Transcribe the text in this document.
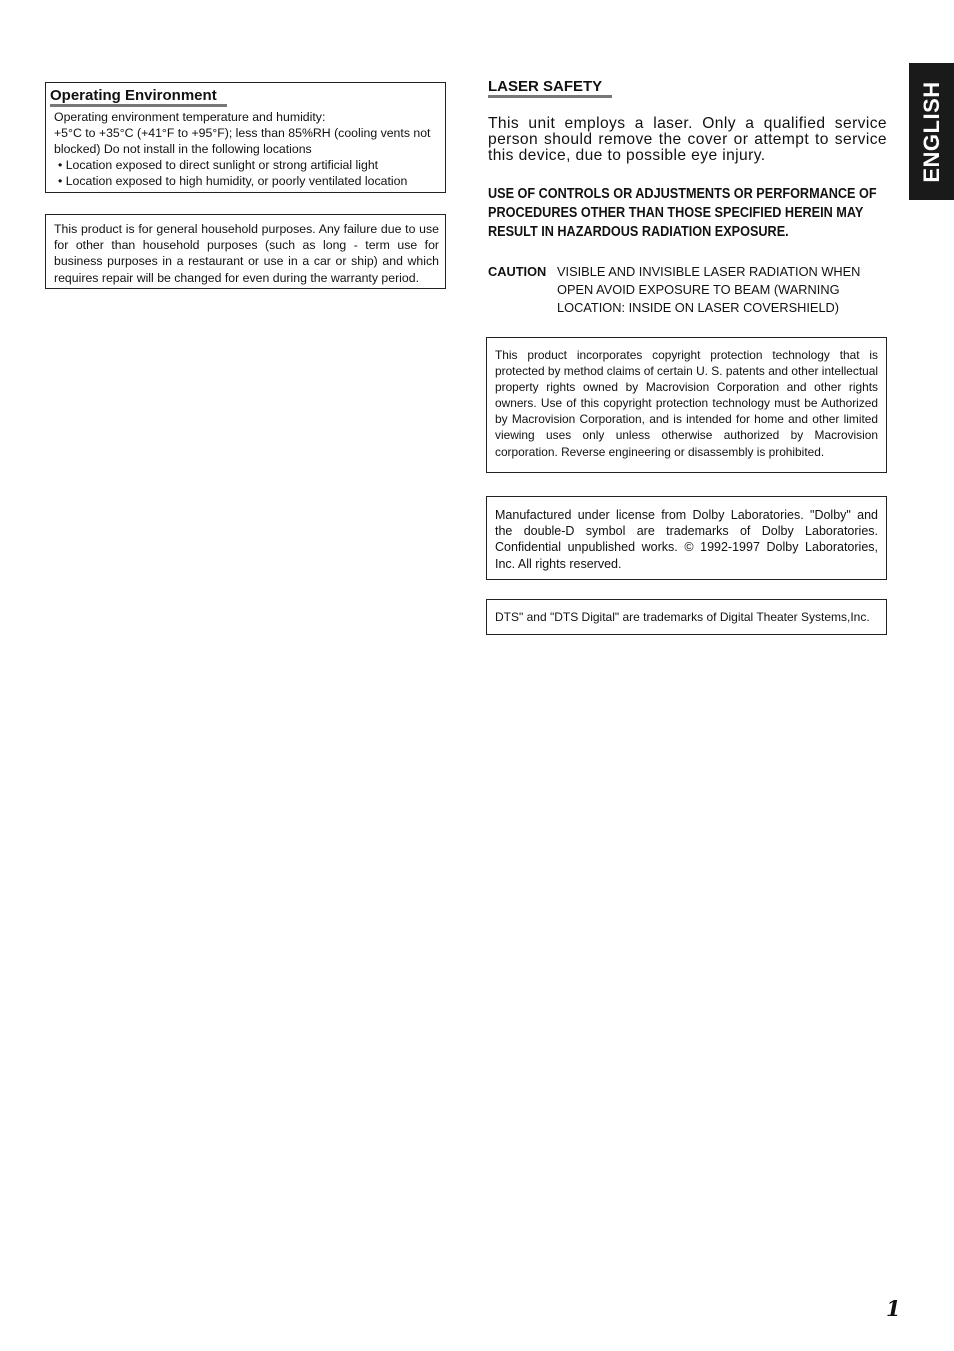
Operating Environment

Operating environment temperature and humidity:

+5°C to +35°C (+41°F to +95°F); less than 85%RH (cooling vents not blocked) Do not install in the following locations

• Location exposed to direct sunlight or strong artificial light

• Location exposed to high humidity, or poorly ventilated location

This product is for general household purposes. Any failure due to use for other than household purposes (such as long - term use for business purposes in a restaurant or use in a car or ship) and which requires repair will be changed for even during the warranty period.
LASER SAFETY

This unit employs a laser. Only a qualified service person should remove the cover or attempt to service this device, due to possible eye injury.

USE OF CONTROLS OR ADJUSTMENTS OR PERFORMANCE OF PROCEDURES OTHER THAN THOSE SPECIFIED HEREIN MAY RESULT IN HAZARDOUS RADIATION EXPOSURE.

CAUTION VISIBLE AND INVISIBLE LASER RADIATION WHEN OPEN AVOID EXPOSURE TO BEAM (WARNING LOCATION: INSIDE ON LASER COVERSHIELD)
This product incorporates copyright protection technology that is protected by method claims of certain U. S. patents and other intellectual property rights owned by Macrovision Corporation and other rights owners. Use of this copyright protection technology must be Authorized by Macrovision Corporation, and is intended for home and other limited viewing uses only unless otherwise authorized by Macrovision corporation. Reverse engineering or disassembly is prohibited.
Manufactured under license from Dolby Laboratories. "Dolby" and the double-D symbol are trademarks of Dolby Laboratories. Confidential unpublished works. © 1992-1997 Dolby Laboratories, Inc. All rights reserved.
DTS" and "DTS Digital" are trademarks of Digital Theater Systems,Inc.
ENGLISH
1
